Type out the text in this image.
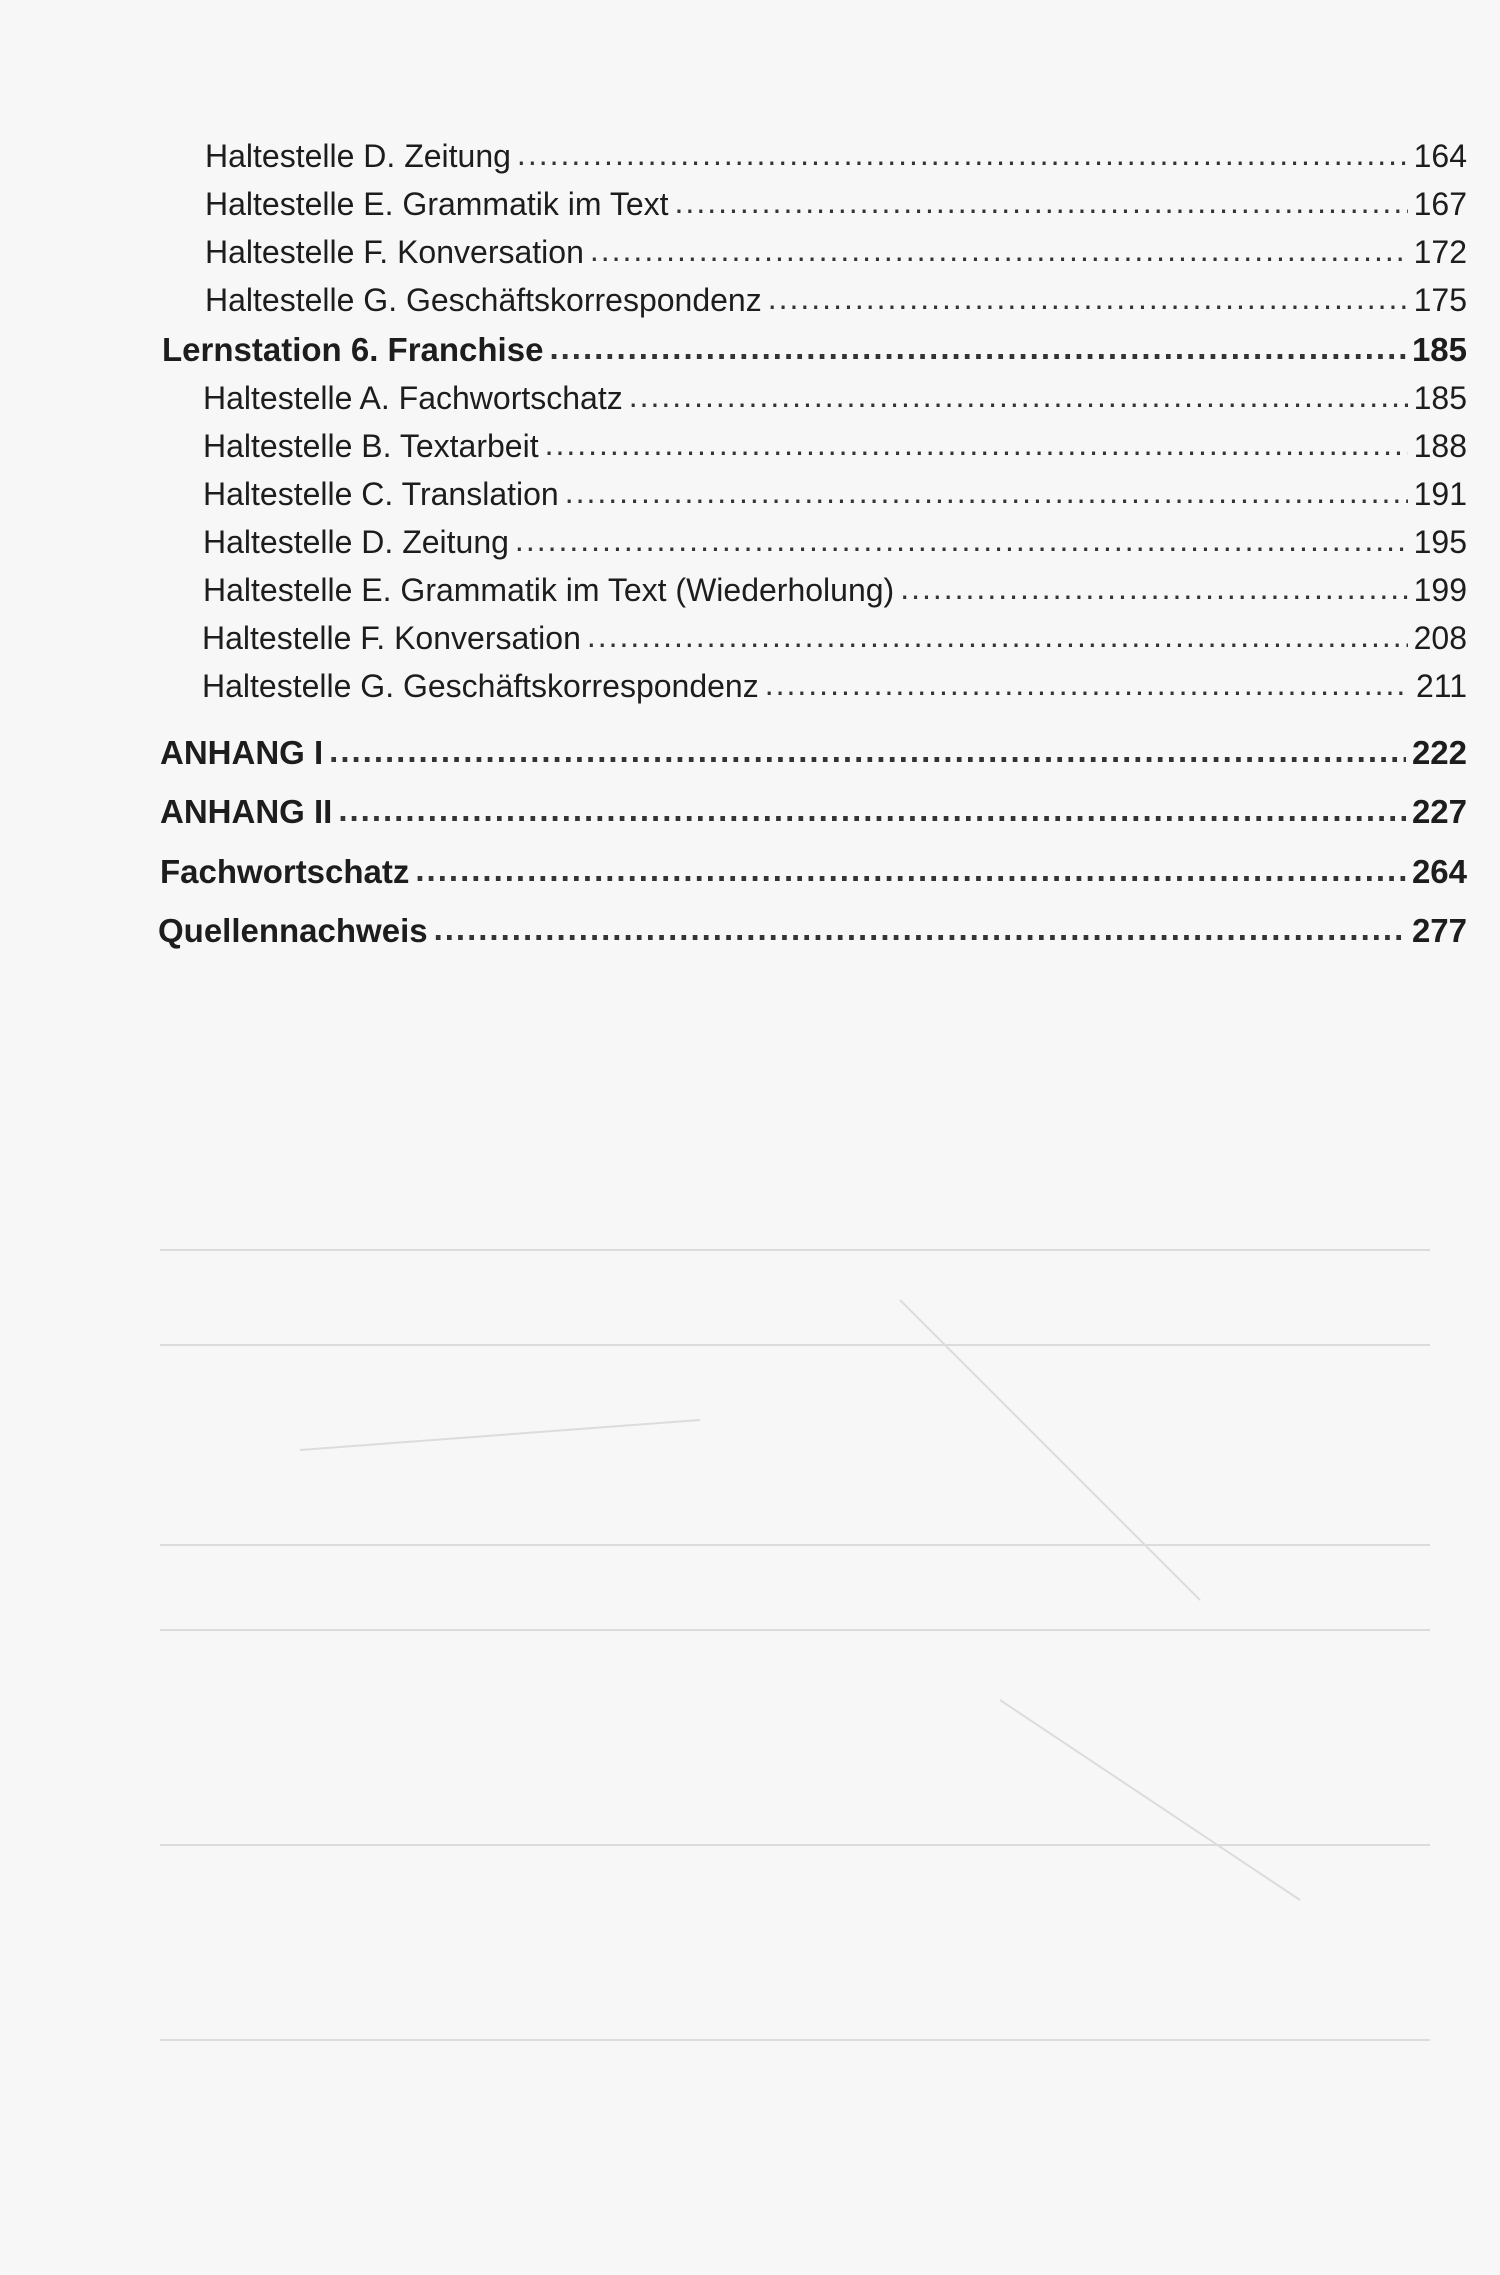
Haltestelle D. Zeitung .....	164
Haltestelle E. Grammatik im Text .....	167
Haltestelle F. Konversation .....	172
Haltestelle G. Geschäftskorrespondenz .....	175
Lernstation 6. Franchise .....	185
Haltestelle A. Fachwortschatz .....	185
Haltestelle B. Textarbeit .....	188
Haltestelle C. Translation .....	191
Haltestelle D. Zeitung .....	195
Haltestelle E. Grammatik im Text (Wiederholung) .....	199
Haltestelle F. Konversation .....	208
Haltestelle G. Geschäftskorrespondenz .....	211
ANHANG I .....	222
ANHANG II .....	227
Fachwortschatz .....	264
Quellennachweis .....	277
